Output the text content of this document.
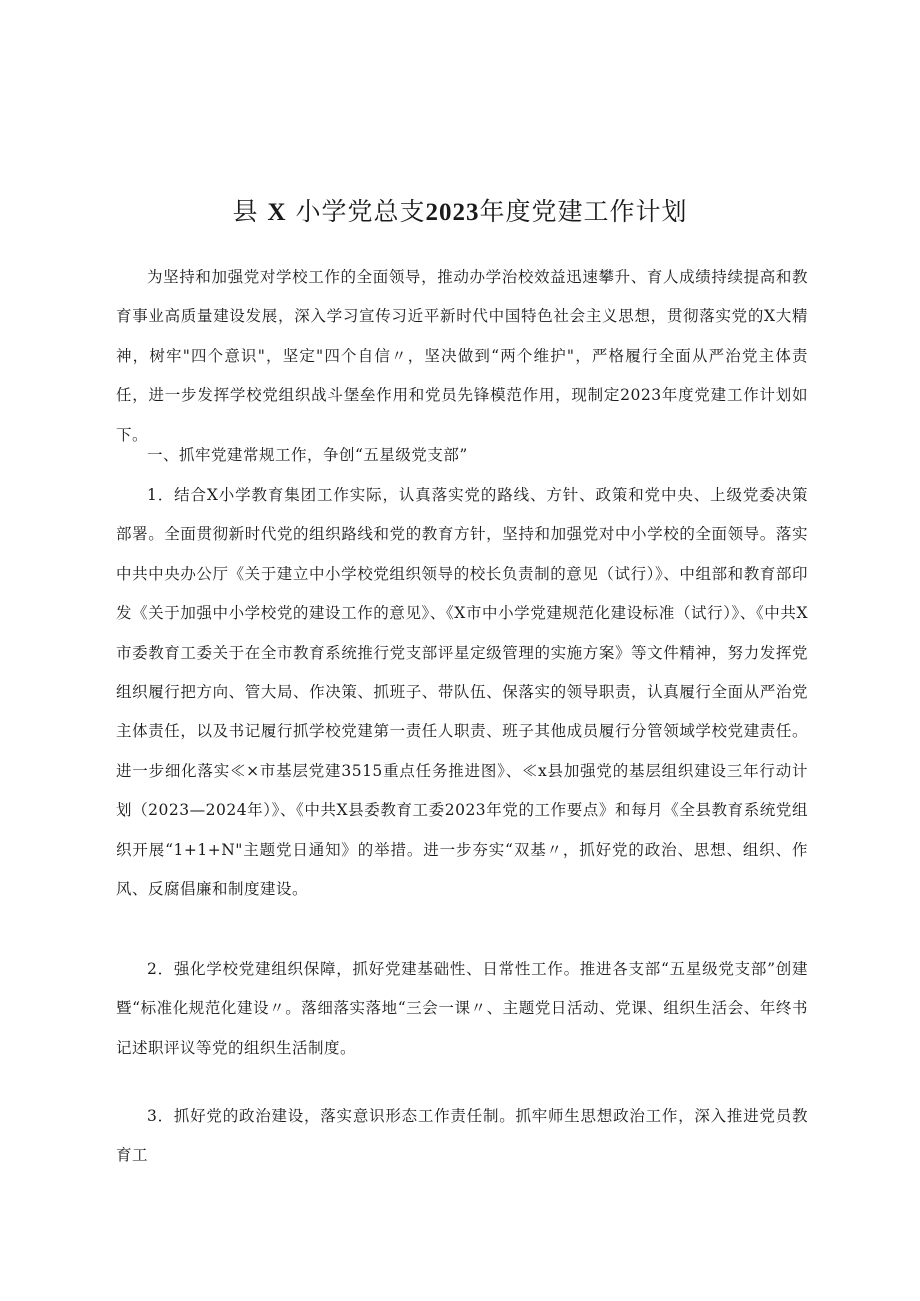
县 X 小学党总支2023年度党建工作计划

为坚持和加强党对学校工作的全面领导，推动办学治校效益迅速攀升、育人成绩持续提高和教育事业高质量建设发展，深入学习宣传习近平新时代中国特色社会主义思想，贯彻落实党的X大精神，树牢"四个意识"，坚定"四个自信〃，坚决做到“两个维护"，严格履行全面从严治党主体责任，进一步发挥学校党组织战斗堡垒作用和党员先锋模范作用，现制定2023年度党建工作计划如下。

一、抓牢党建常规工作，争创“五星级党支部”

1．结合X小学教育集团工作实际，认真落实党的路线、方针、政策和党中央、上级党委决策部署。全面贯彻新时代党的组织路线和党的教育方针，坚持和加强党对中小学校的全面领导。落实中共中央办公厅《关于建立中小学校党组织领导的校长负责制的意见（试行）》、中组部和教育部印发《关于加强中小学校党的建设工作的意见》、《X市中小学党建规范化建设标准（试行）》、《中共X市委教育工委关于在全市教育系统推行党支部评星定级管理的实施方案》等文件精神，努力发挥党组织履行把方向、管大局、作决策、抓班子、带队伍、保落实的领导职责，认真履行全面从严治党主体责任，以及书记履行抓学校党建第一责任人职责、班子其他成员履行分管领域学校党建责任。进一步细化落实≪×市基层党建3515重点任务推进图》、≪x县加强党的基层组织建设三年行动计划（2023—2024年）》、《中共X县委教育工委2023年党的工作要点》和每月《全县教育系统党组织开展“1+1+N"主题党日通知》的举措。进一步夯实“双基〃，抓好党的政治、思想、组织、作风、反腐倡廉和制度建设。

2．强化学校党建组织保障，抓好党建基础性、日常性工作。推进各支部“五星级党支部”创建暨“标准化规范化建设〃。落细落实落地“三会一课〃、主题党日活动、党课、组织生活会、年终书记述职评议等党的组织生活制度。

3．抓好党的政治建设，落实意识形态工作责任制。抓牢师生思想政治工作，深入推进党员教育工
